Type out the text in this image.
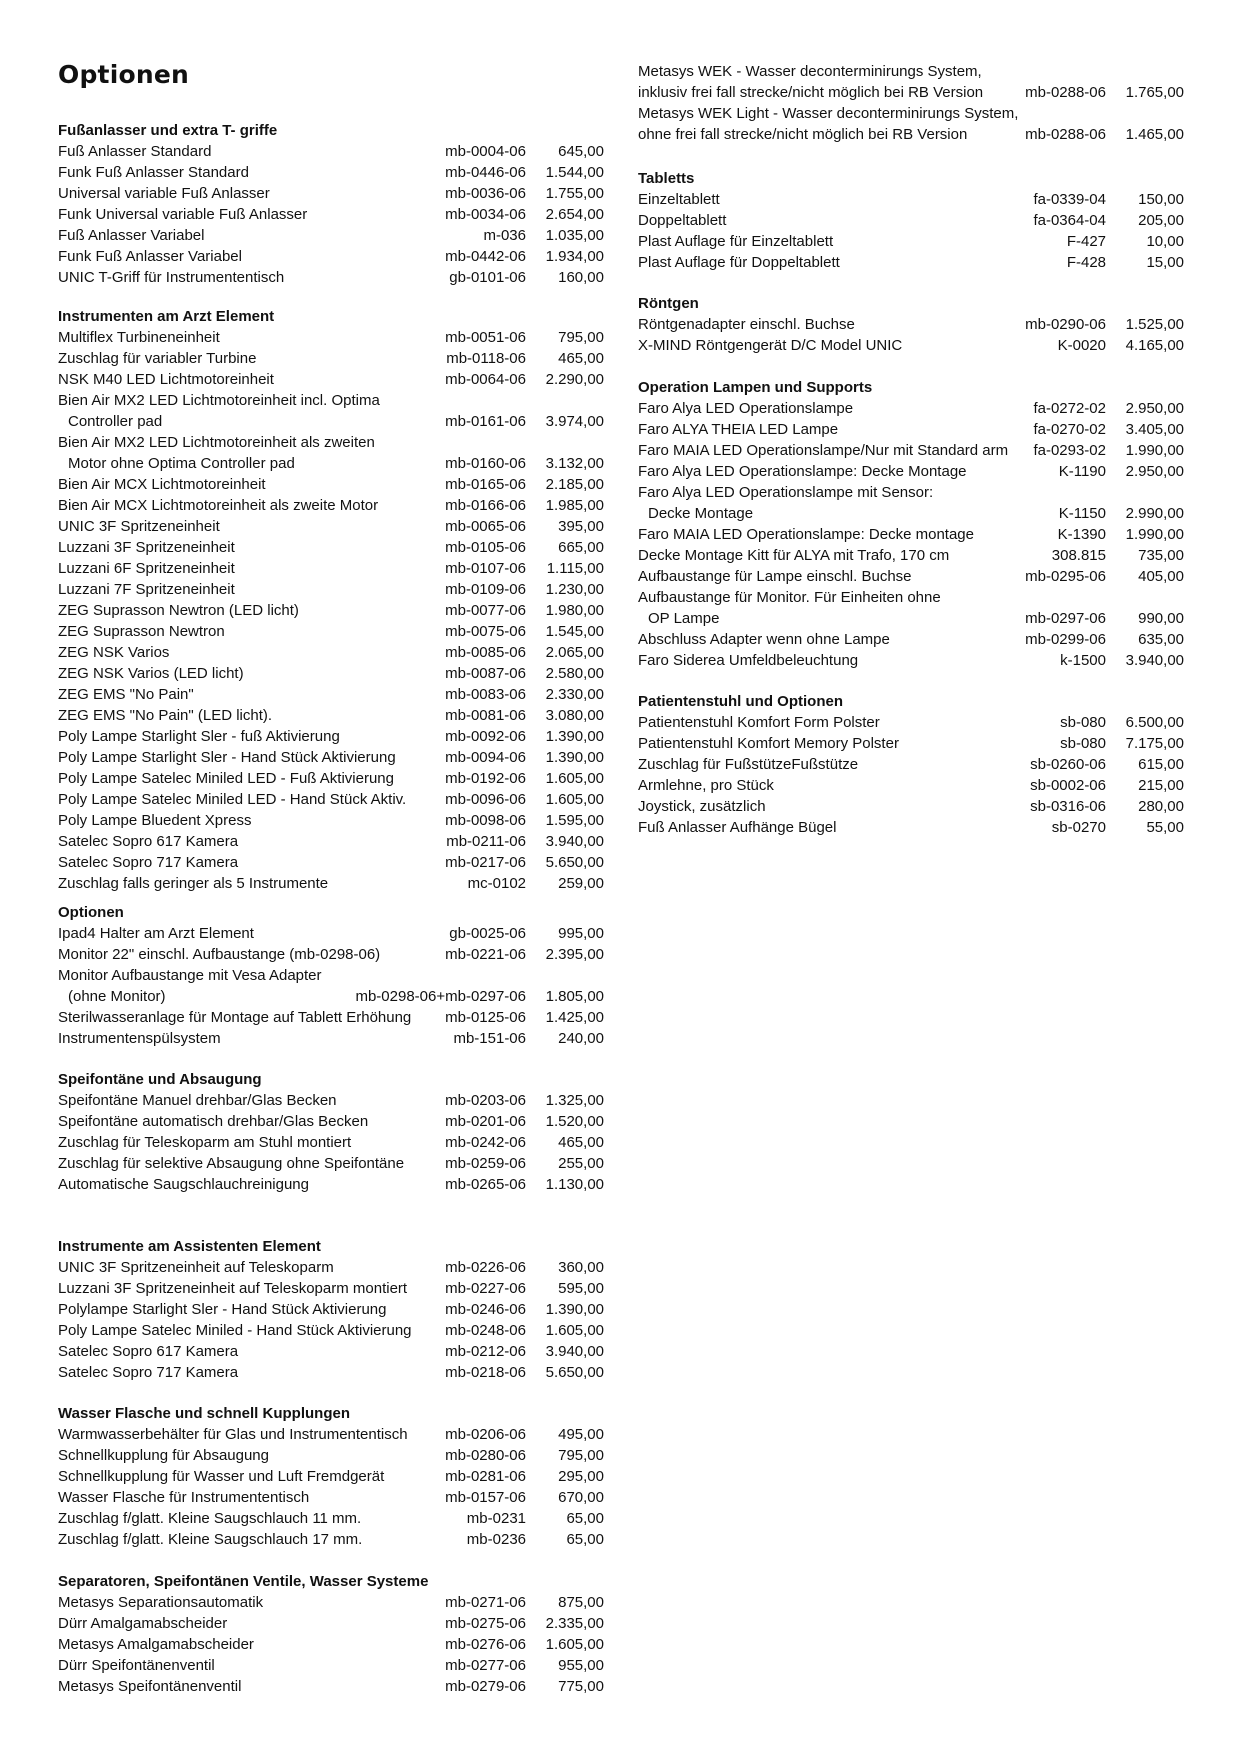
Optionen
Fußanlasser und extra T- griffe
Fuß Anlasser Standard	mb-0004-06	645,00
Funk Fuß Anlasser Standard	mb-0446-06	1.544,00
Universal variable Fuß Anlasser	mb-0036-06	1.755,00
Funk Universal variable Fuß Anlasser	mb-0034-06	2.654,00
Fuß Anlasser Variabel	m-036	1.035,00
Funk Fuß Anlasser Variabel	mb-0442-06	1.934,00
UNIC T-Griff für Instrumententisch	gb-0101-06	160,00
Instrumenten am Arzt Element
Multiflex Turbineneinheit	mb-0051-06	795,00
Zuschlag für variabler Turbine	mb-0118-06	465,00
NSK M40 LED Lichtmotoreinheit	mb-0064-06	2.290,00
Bien Air MX2 LED Lichtmotoreinheit incl. Optima
Controller pad	mb-0161-06	3.974,00
Bien Air MX2 LED Lichtmotoreinheit als zweiten
Motor ohne Optima Controller pad	mb-0160-06	3.132,00
Bien Air MCX Lichtmotoreinheit	mb-0165-06	2.185,00
Bien Air MCX Lichtmotoreinheit als zweite Motor	mb-0166-06	1.985,00
UNIC 3F Spritzeneinheit	mb-0065-06	395,00
Luzzani 3F Spritzeneinheit	mb-0105-06	665,00
Luzzani 6F Spritzeneinheit	mb-0107-06	1.115,00
Luzzani 7F Spritzeneinheit	mb-0109-06	1.230,00
ZEG Suprasson Newtron (LED licht)	mb-0077-06	1.980,00
ZEG Suprasson Newtron	mb-0075-06	1.545,00
ZEG NSK Varios	mb-0085-06	2.065,00
ZEG NSK Varios (LED licht)	mb-0087-06	2.580,00
ZEG EMS "No Pain"	mb-0083-06	2.330,00
ZEG EMS "No Pain" (LED licht).	mb-0081-06	3.080,00
Poly Lampe Starlight Sler - fuß Aktivierung	mb-0092-06	1.390,00
Poly Lampe Starlight Sler - Hand Stück Aktivierung	mb-0094-06	1.390,00
Poly Lampe Satelec Miniled LED - Fuß Aktivierung	mb-0192-06	1.605,00
Poly Lampe Satelec Miniled LED - Hand Stück Aktiv.	mb-0096-06	1.605,00
Poly Lampe Bluedent Xpress	mb-0098-06	1.595,00
Satelec Sopro 617 Kamera	mb-0211-06	3.940,00
Satelec Sopro 717 Kamera	mb-0217-06	5.650,00
Zuschlag falls geringer als 5 Instrumente	mc-0102	259,00
Optionen
Ipad4 Halter am Arzt Element	gb-0025-06	995,00
Monitor 22" einschl. Aufbaustange (mb-0298-06)	mb-0221-06	2.395,00
Monitor Aufbaustange mit Vesa Adapter
(ohne Monitor)	mb-0298-06+mb-0297-06	1.805,00
Sterilwasseranlage für Montage auf Tablett Erhöhung	mb-0125-06	1.425,00
Instrumentenspülsystem	mb-151-06	240,00
Speifontäne und Absaugung
Speifontäne Manuel drehbar/Glas Becken	mb-0203-06	1.325,00
Speifontäne automatisch drehbar/Glas Becken	mb-0201-06	1.520,00
Zuschlag für Teleskoparm am Stuhl montiert	mb-0242-06	465,00
Zuschlag für selektive Absaugung ohne Speifontäne	mb-0259-06	255,00
Automatische Saugschlauchreinigung	mb-0265-06	1.130,00
Instrumente am Assistenten Element
UNIC 3F Spritzeneinheit auf Teleskoparm	mb-0226-06	360,00
Luzzani 3F Spritzeneinheit auf Teleskoparm montiert	mb-0227-06	595,00
Polylampe Starlight Sler - Hand Stück Aktivierung	mb-0246-06	1.390,00
Poly Lampe Satelec Miniled - Hand Stück Aktivierung	mb-0248-06	1.605,00
Satelec Sopro 617 Kamera	mb-0212-06	3.940,00
Satelec Sopro 717 Kamera	mb-0218-06	5.650,00
Wasser Flasche und schnell Kupplungen
Warmwasserbehälter für Glas und Instrumententisch	mb-0206-06	495,00
Schnellkupplung für Absaugung	mb-0280-06	795,00
Schnellkupplung für Wasser und Luft Fremdgerät	mb-0281-06	295,00
Wasser Flasche für Instrumententisch	mb-0157-06	670,00
Zuschlag f/glatt. Kleine Saugschlauch 11 mm.	mb-0231	65,00
Zuschlag f/glatt. Kleine Saugschlauch 17 mm.	mb-0236	65,00
Separatoren, Speifontänen Ventile, Wasser Systeme
Metasys Separationsautomatik	mb-0271-06	875,00
Dürr Amalgamabscheider	mb-0275-06	2.335,00
Metasys Amalgamabscheider	mb-0276-06	1.605,00
Dürr Speifontänenventil	mb-0277-06	955,00
Metasys Speifontänenventil	mb-0279-06	775,00
Metasys WEK - Wasser deconterminirungs System,
inklusiv frei fall strecke/nicht möglich bei RB Version	mb-0288-06	1.765,00
Metasys WEK Light - Wasser deconterminirungs System,
ohne frei fall strecke/nicht möglich bei RB Version	mb-0288-06	1.465,00
Tabletts
Einzeltablett	fa-0339-04	150,00
Doppeltablett	fa-0364-04	205,00
Plast Auflage für Einzeltablett	F-427	10,00
Plast Auflage für Doppeltablett	F-428	15,00
Röntgen
Röntgenadapter einschl. Buchse	mb-0290-06	1.525,00
X-MIND Röntgengerät D/C Model UNIC	K-0020	4.165,00
Operation Lampen und Supports
Faro Alya LED Operationslampe	fa-0272-02	2.950,00
Faro ALYA THEIA LED Lampe	fa-0270-02	3.405,00
Faro MAIA LED Operationslampe/Nur mit Standard arm	fa-0293-02	1.990,00
Faro Alya LED Operationslampe: Decke Montage	K-1190	2.950,00
Faro Alya LED Operationslampe mit Sensor:
Decke Montage	K-1150	2.990,00
Faro MAIA LED Operationslampe: Decke montage	K-1390	1.990,00
Decke Montage Kitt für ALYA mit Trafo, 170 cm	308.815	735,00
Aufbaustange für Lampe einschl. Buchse	mb-0295-06	405,00
Aufbaustange für Monitor. Für Einheiten ohne
OP Lampe	mb-0297-06	990,00
Abschluss Adapter wenn ohne Lampe	mb-0299-06	635,00
Faro Siderea Umfeldbeleuchtung	k-1500	3.940,00
Patientenstuhl und Optionen
Patientenstuhl Komfort Form Polster	sb-080	6.500,00
Patientenstuhl Komfort Memory Polster	sb-080	7.175,00
Zuschlag für FußstützeFußstütze	sb-0260-06	615,00
Armlehne, pro Stück	sb-0002-06	215,00
Joystick, zusätzlich	sb-0316-06	280,00
Fuß Anlasser Aufhänge Bügel	sb-0270	55,00
